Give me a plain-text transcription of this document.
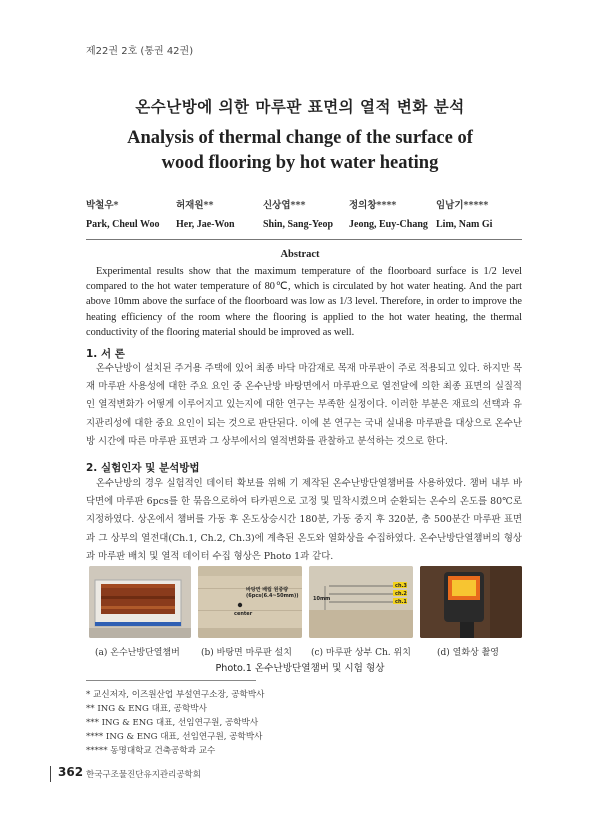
제22권 2호 (통권 42권)
온수난방에 의한 마루판 표면의 열적 변화 분석
Analysis of thermal change of the surface of
wood flooring by hot water heating
박철우*
Park, Cheul Woo
허재원**
Her, Jae-Won
신상엽***
Shin, Sang-Yeop
정의창****
Jeong, Euy-Chang
임남기*****
Lim, Nam Gi
Abstract
Experimental results show that the maximum temperature of the floorboard surface is 1/2 level compared to the hot water temperature of 80℃, which is circulated by hot water heating. And the part above 10mm above the surface of the floorboard was low as 1/3 level. Therefore, in order to improve the heating efficiency of the room where the flooring is applied to the hot water heating, the thermal conductivity of the flooring material should be improved as well.
1. 서 론
온수난방이 설치된 주거용 주택에 있어 최종 바닥 마감재로 목재 마루판이 주로 적용되고 있다. 하지만 목재 마루판 사용성에 대한 주요 요인 중 온수난방 바탕면에서 마루판으로 열전달에 의한 최종 표면의 실질적인 열적변화가 어떻게 이루어지고 있는지에 대한 연구는 부족한 실정이다. 이러한 부분은 재료의 선택과 유지관리성에 대한 중요 요인이 되는 것으로 판단된다. 이에 본 연구는 국내 실내용 마루판을 대상으로 온수난방 시간에 따른 마루판 표면과 그 상부에서의 열적변화를 관찰하고 분석하는 것으로 한다.
2. 실험인자 및 분석방법
온수난방의 경우 실험적인 데이터 확보를 위해 기 제작된 온수난방단열챔버를 사용하였다. 챔버 내부 바닥면에 마루판 6pcs를 한 묶음으로하여 타카핀으로 고정 및 밀착시켰으며 순환되는 온수의 온도를 80℃로 지정하였다. 상온에서 챔버를 가동 후 온도상승시간 180분, 가동 중지 후 320분, 총 500분간 마루판 표면과 그 상부의 열전대(Ch.1, Ch.2, Ch.3)에 계측된 온도와 열화상을 수집하였다. 온수난방단열챔버의 형상과 마루판 배치 및 열적 데이터 수집 형상은 Photo 1과 같다.
바탕면 배립 원중량
(6pcs(6.4~50mm))
center
ch.3
ch.2
ch.1
10mm
(a) 온수난방단열챔버 (b) 바탕면 마루판 설치 (c) 마루판 상부 Ch. 위치	(d) 열화상 촬영
Photo.1 온수난방단열챔버 및 시험 형상
* 교신저자, 이즈원산업 부설연구소장, 공학박사
** ING & ENG 대표, 공학박사
*** ING & ENG 대표, 선임연구원, 공학박사
**** ING & ENG 대표, 선임연구원, 공학박사
***** 동명대학교 건축공학과 교수
362 한국구조물진단유지관리공학회
